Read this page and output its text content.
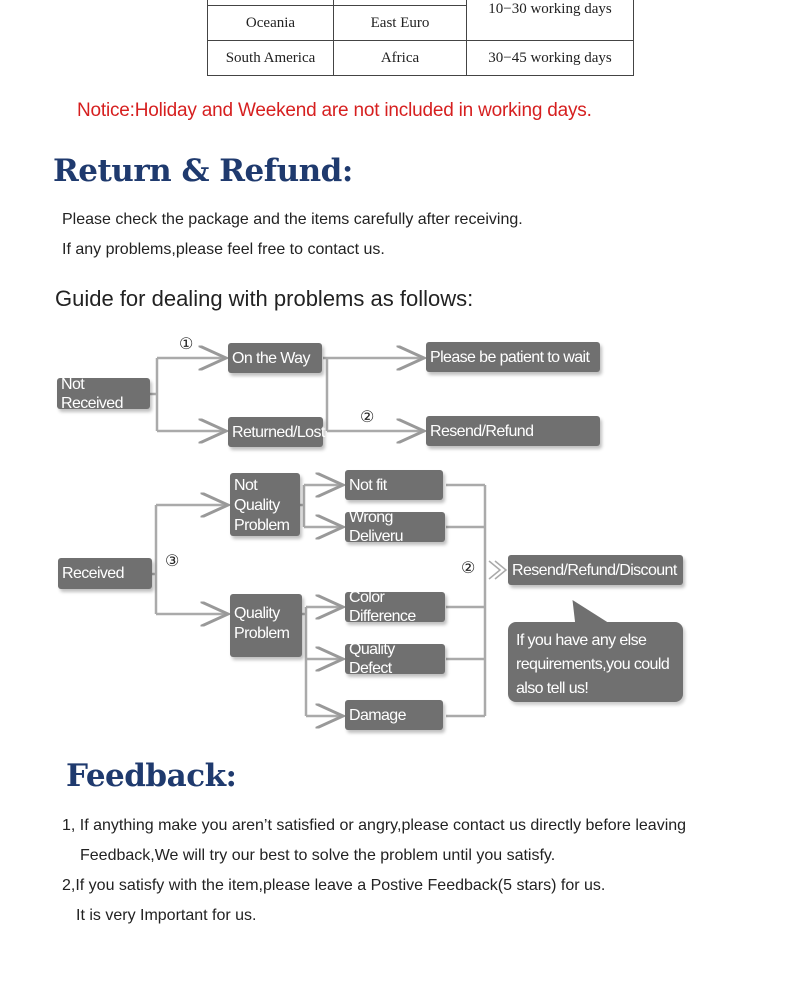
		10−30 working days
Oceania	East Euro	
South America	Africa	30−45 working days
Notice:Holiday and Weekend are not included in working days.
Return & Refund:
Please check the package and the items carefully after receiving.
If any problems,please feel free to contact us.
Guide for dealing with problems as follows:
Not Received
On the Way
Returned/Lost
Please be patient to wait
Resend/Refund
Received
Not Quality Problem
Quality Problem
Not fit
Wrong Deliveru
Color Difference
Quality Defect
Damage
Resend/Refund/Discount
①
②
③	②
If you have any else requirements,you could also tell us!
Feedback:
1, If anything make you aren’t satisfied or angry,please contact us directly before leaving
Feedback,We will try our best to solve the problem until you satisfy.
2,If you satisfy with the item,please leave a Postive Feedback(5 stars) for us.
It is very Important for us.
